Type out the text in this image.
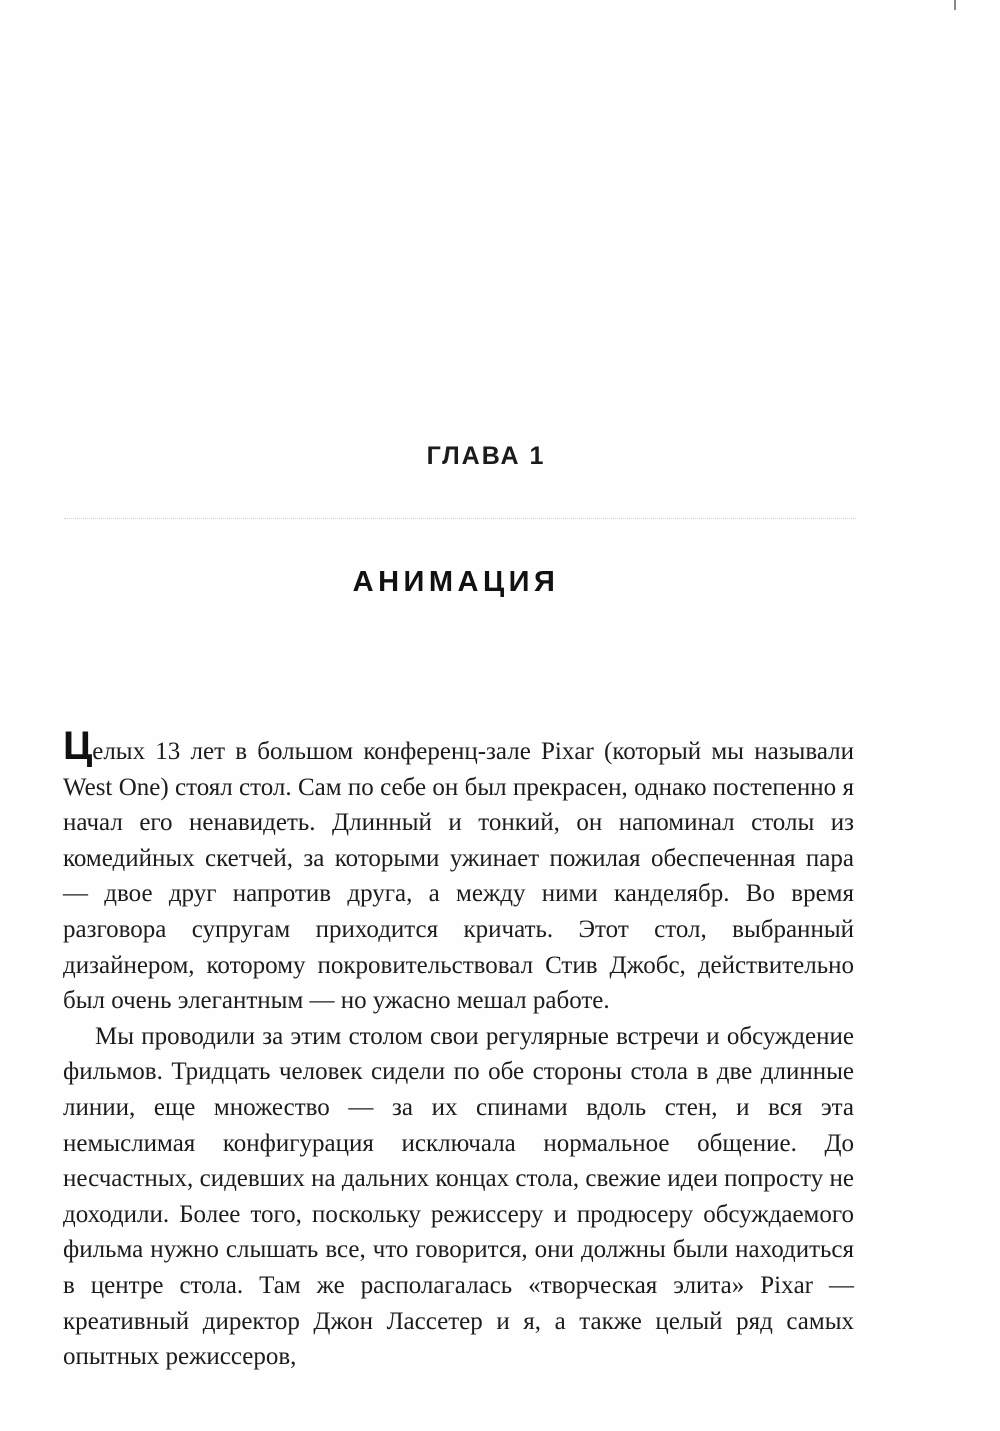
ГЛАВА 1
АНИМАЦИЯ

Целых 13 лет в большом конференц-зале Pixar (который мы называли West One) стоял стол. Сам по себе он был прекрасен, однако постепенно я начал его ненавидеть. Длинный и тонкий, он напоминал столы из комедийных скетчей, за которыми ужинает пожилая обеспеченная пара — двое друг напротив друга, а между ними канделябр. Во время разговора супругам приходится кричать. Этот стол, выбранный дизайнером, которому покровительствовал Стив Джобс, действительно был очень элегантным — но ужасно мешал работе.

Мы проводили за этим столом свои регулярные встречи и обсуждение фильмов. Тридцать человек сидели по обе стороны стола в две длинные линии, еще множество — за их спинами вдоль стен, и вся эта немыслимая конфигурация исключала нормальное общение. До несчастных, сидевших на дальних концах стола, свежие идеи попросту не доходили. Более того, поскольку режиссеру и продюсеру обсуждаемого фильма нужно слышать все, что говорится, они должны были находиться в центре стола. Там же располагалась «творческая элита» Pixar — креативный директор Джон Лассетер и я, а также целый ряд самых опытных режиссеров,
